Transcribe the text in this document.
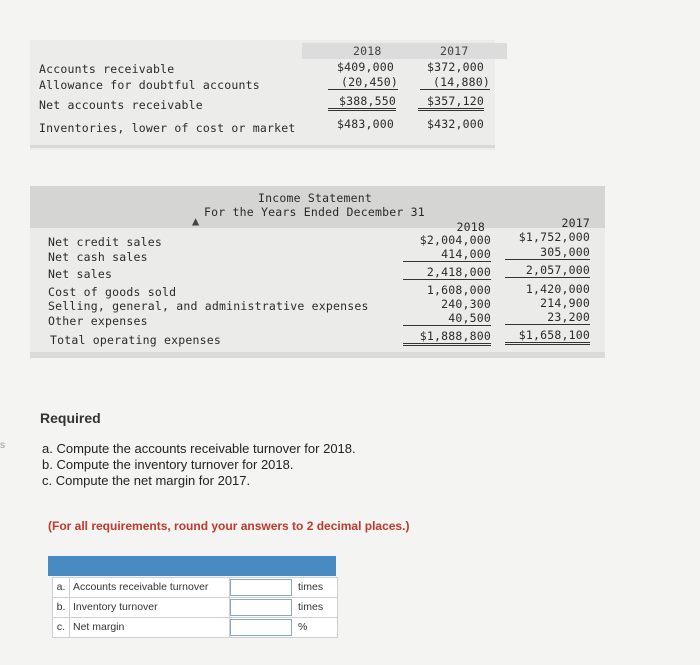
2018	2017
Accounts receivable	$409,000	$372,000
Allowance for doubtful accounts	(20,450)	(14,880)
Net accounts receivable	$388,550	$357,120
Inventories, lower of cost or market	$483,000	$432,000
Income Statement
For the Years Ended December 31
▲	2018	2017
Net credit sales	$2,004,000	$1,752,000
Net cash sales	414,000	305,000
Net sales	2,418,000	2,057,000
Cost of goods sold	1,608,000	1,420,000
Selling, general, and administrative expenses	240,300	214,900
Other expenses	40,500	23,200
Total operating expenses	$1,888,800	$1,658,100
s
Required
a. Compute the accounts receivable turnover for 2018.
b. Compute the inventory turnover for 2018.
c. Compute the net margin for 2017.
(For all requirements, round your answers to 2 decimal places.)
a. Accounts receivable turnover	times
b. Inventory turnover	times
c. Net margin	%
